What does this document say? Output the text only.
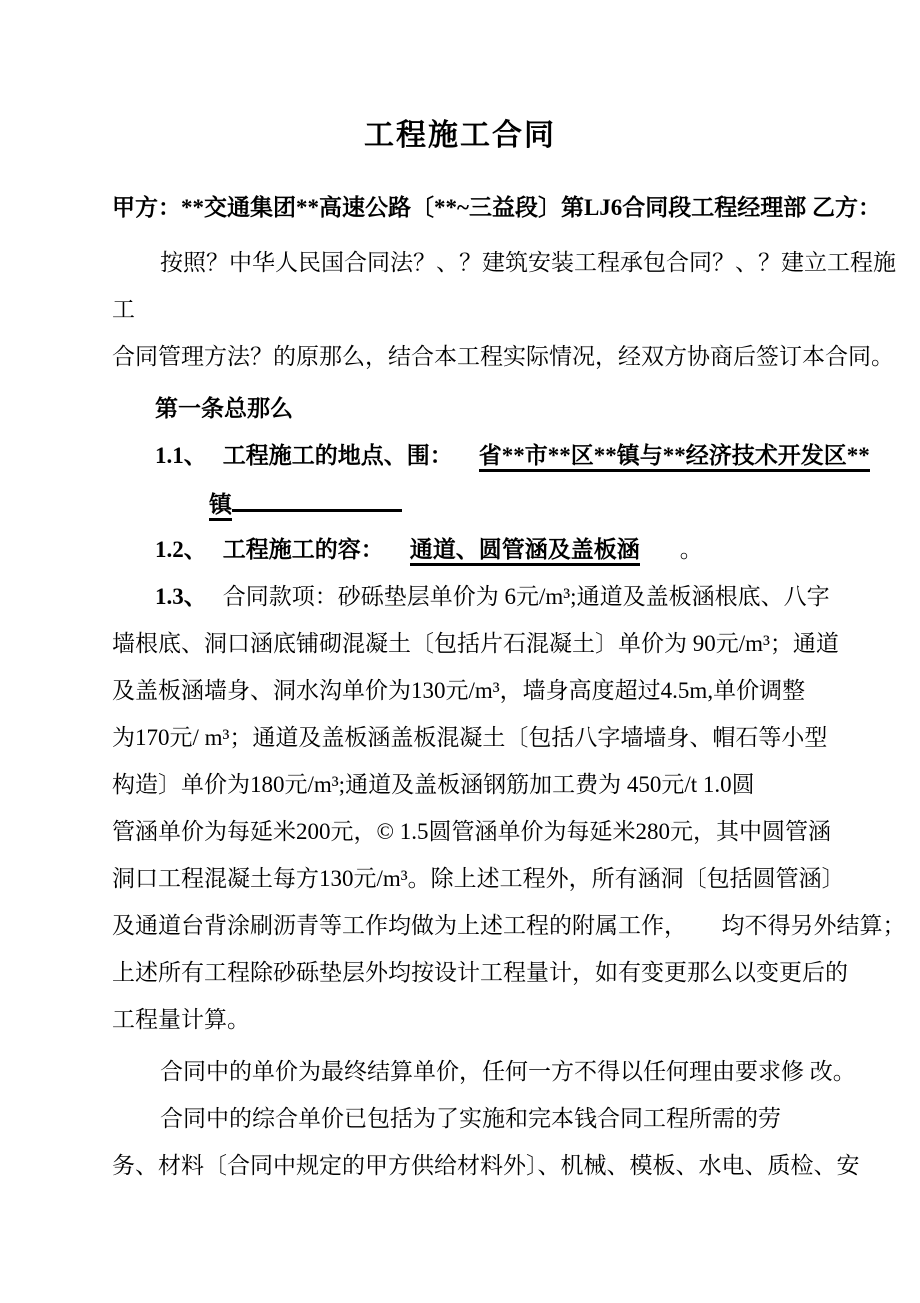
工程施工合同
甲方：**交通集团**高速公路〔**~三益段〕第LJ6合同段工程经理部 乙方：
按照？中华人民国合同法？、？建筑安装工程承包合同？、？建立工程施
工
合同管理方法？的原那么，结合本工程实际情况，经双方协商后签订本合同。
第一条总那么
1.1、 工程施工的地点、围： 省**市**区**镇与**经济技术开发区**
镇
1.2、 工程施工的容： 通道、圆管涵及盖板涵 。
1.3、 合同款项：砂砾垫层单价为 6元/m³;通道及盖板涵根底、八字
墙根底、洞口涵底铺砌混凝土〔包括片石混凝土〕单价为 90元/m³；通道
及盖板涵墙身、洞水沟单价为130元/m³，墙身高度超过4.5m,单价调整
为170元/ m³；通道及盖板涵盖板混凝土〔包括八字墙墙身、帽石等小型
构造〕单价为180元/m³;通道及盖板涵钢筋加工费为 450元/t 1.0圆
管涵单价为每延米200元，© 1.5圆管涵单价为每延米280元，其中圆管涵
洞口工程混凝土每方130元/m³。除上述工程外，所有涵洞〔包括圆管涵〕
及通道台背涂刷沥青等工作均做为上述工程的附属工作，　　均不得另外结算；
上述所有工程除砂砾垫层外均按设计工程量计，如有变更那么以变更后的
工程量计算。
合同中的单价为最终结算单价，任何一方不得以任何理由要求修 改。
合同中的综合单价已包括为了实施和完本钱合同工程所需的劳
务、材料〔合同中规定的甲方供给材料外〕、机械、模板、水电、质检、安
